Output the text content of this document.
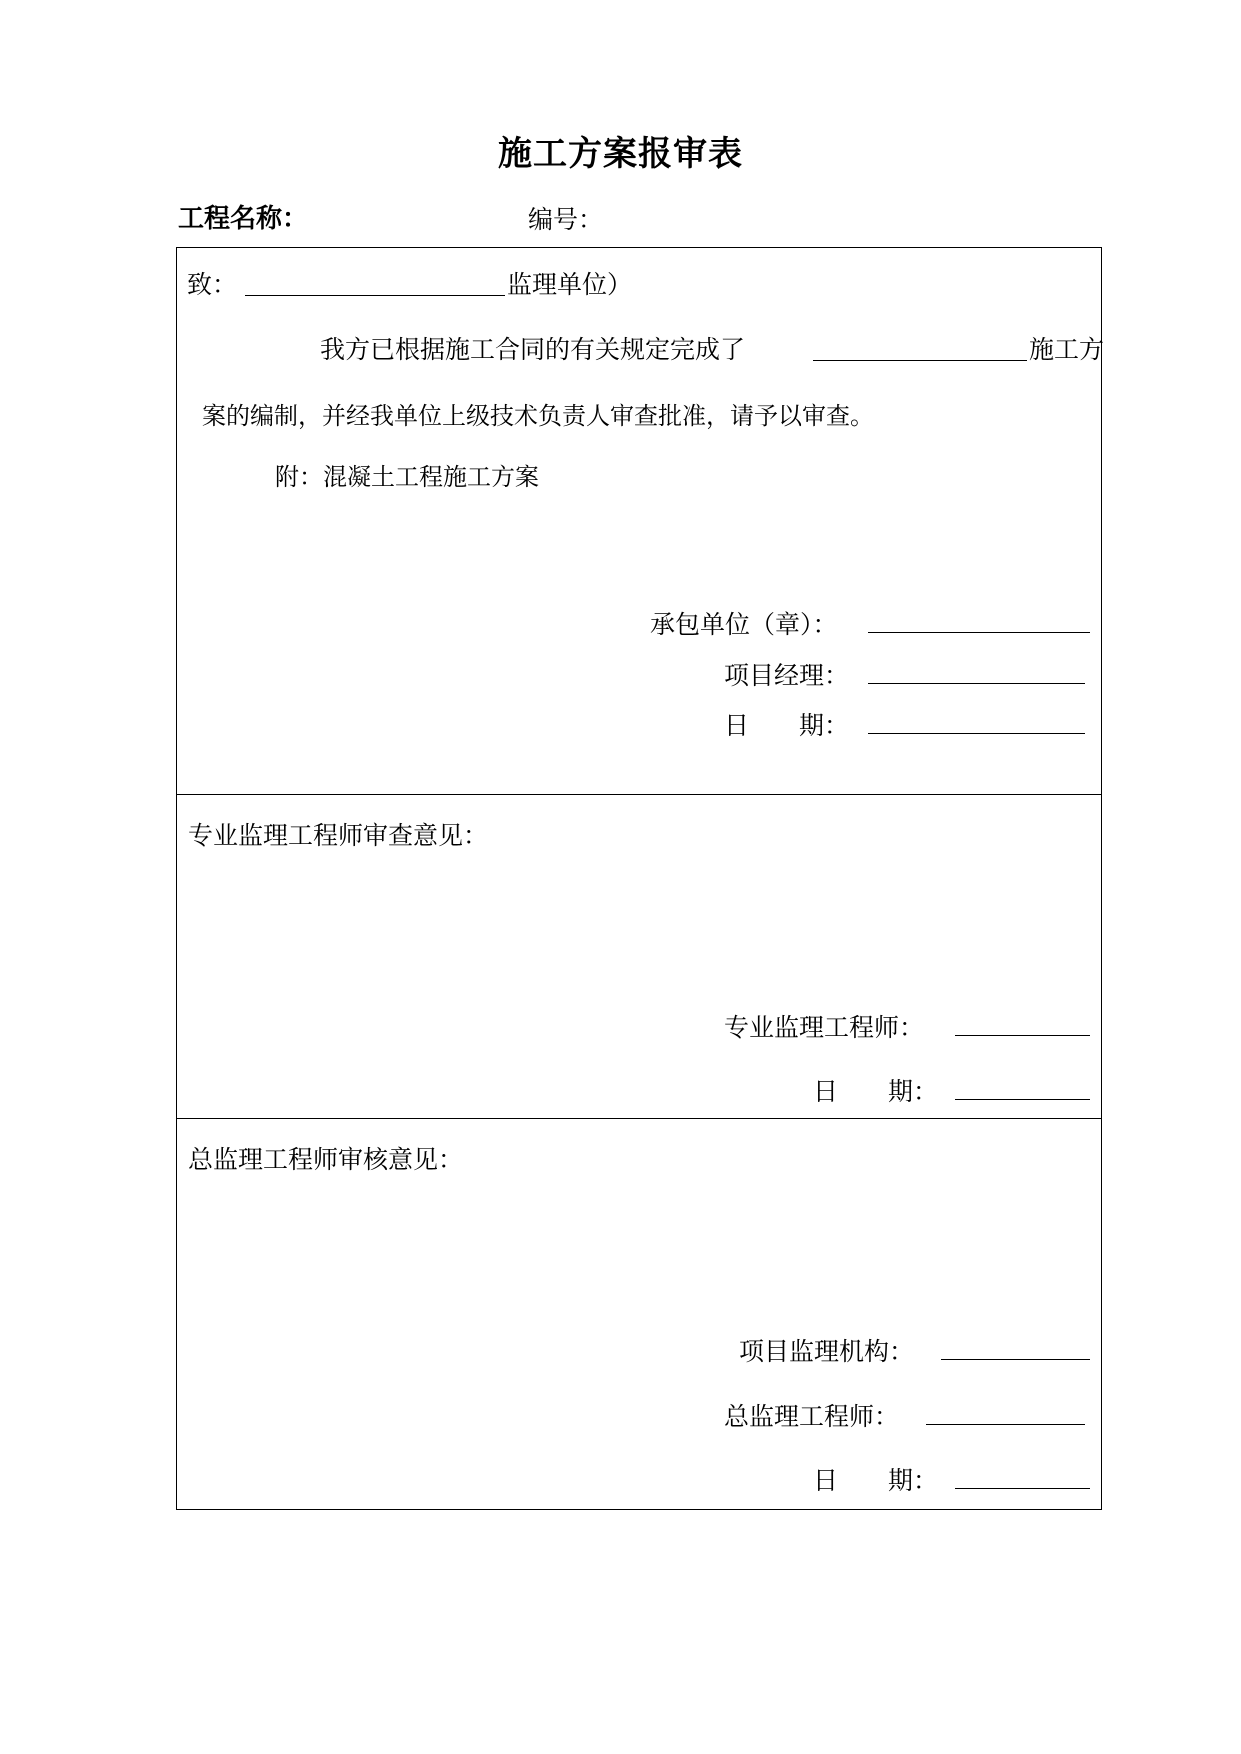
施工方案报审表
工程名称：	编号：
致：	监理单位）
我方已根据施工合同的有关规定完成了	施工方
案的编制，并经我单位上级技术负责人审查批准，请予以审查。
附：混凝土工程施工方案
承包单位（章）：
项目经理：
日　　期：
专业监理工程师审查意见：
专业监理工程师：
日　　期：
总监理工程师审核意见：
项目监理机构：
总监理工程师：
日　　期：
